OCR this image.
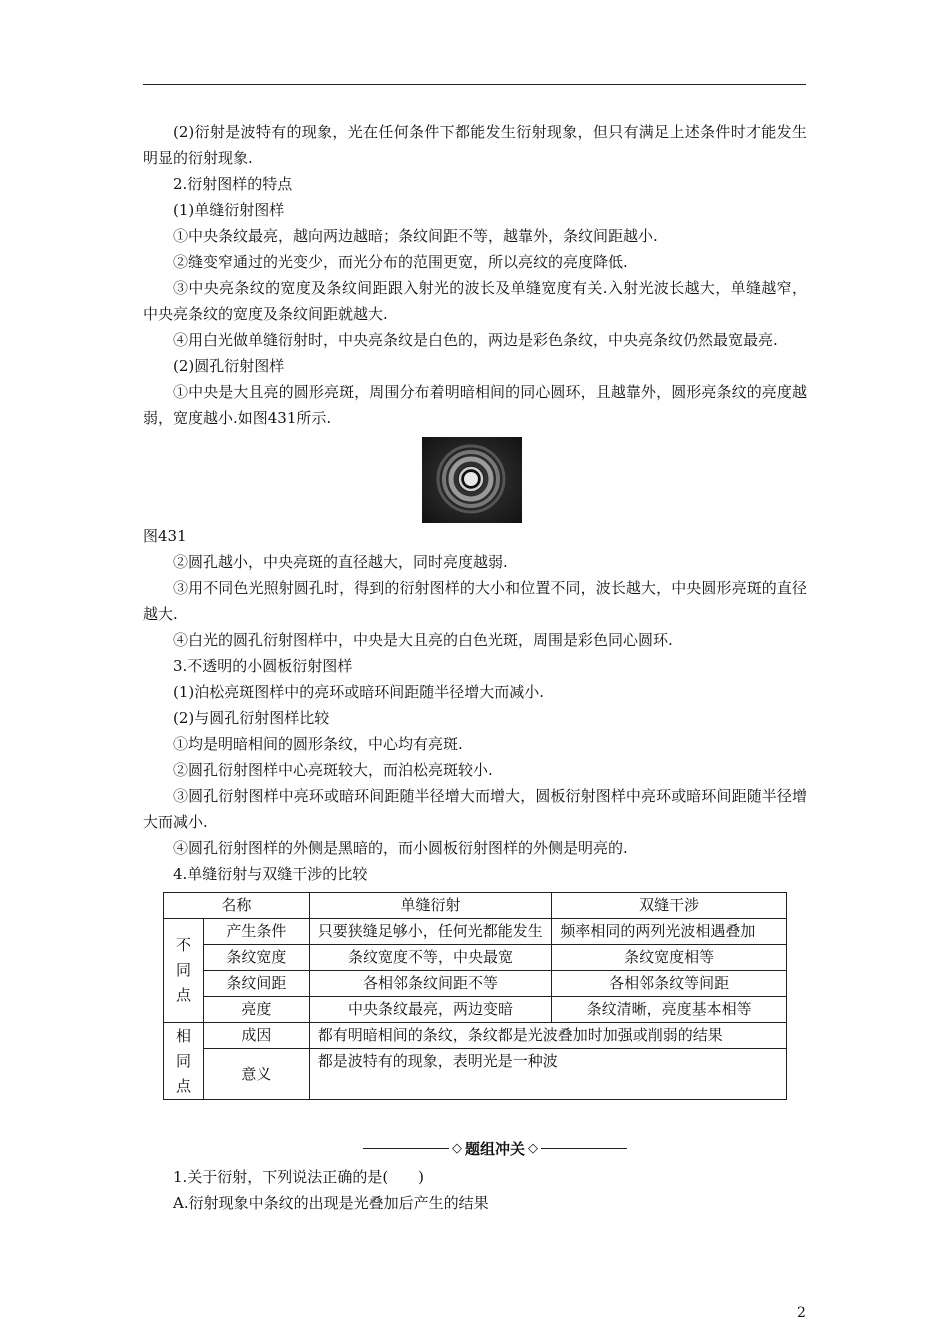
(2)衍射是波特有的现象，光在任何条件下都能发生衍射现象，但只有满足上述条件时才能发生明显的衍射现象.

2.衍射图样的特点

(1)单缝衍射图样

①中央条纹最亮，越向两边越暗；条纹间距不等，越靠外，条纹间距越小.

②缝变窄通过的光变少，而光分布的范围更宽，所以亮纹的亮度降低.

③中央亮条纹的宽度及条纹间距跟入射光的波长及单缝宽度有关.入射光波长越大，单缝越窄，中央亮条纹的宽度及条纹间距就越大.

④用白光做单缝衍射时，中央亮条纹是白色的，两边是彩色条纹，中央亮条纹仍然最宽最亮.

(2)圆孔衍射图样

①中央是大且亮的圆形亮斑，周围分布着明暗相间的同心圆环，且越靠外，圆形亮条纹的亮度越弱，宽度越小.如图431所示.

图431

②圆孔越小，中央亮斑的直径越大，同时亮度越弱.

③用不同色光照射圆孔时，得到的衍射图样的大小和位置不同，波长越大，中央圆形亮斑的直径越大.

④白光的圆孔衍射图样中，中央是大且亮的白色光斑，周围是彩色同心圆环.

3.不透明的小圆板衍射图样

(1)泊松亮斑图样中的亮环或暗环间距随半径增大而减小.

(2)与圆孔衍射图样比较

①均是明暗相间的圆形条纹，中心均有亮斑.

②圆孔衍射图样中心亮斑较大，而泊松亮斑较小.

③圆孔衍射图样中亮环或暗环间距随半径增大而增大，圆板衍射图样中亮环或暗环间距随半径增大而减小.

④圆孔衍射图样的外侧是黑暗的，而小圆板衍射图样的外侧是明亮的.

4.单缝衍射与双缝干涉的比较

名称		单缝衍射	双缝干涉

不
同
点	产生条件	只要狭缝足够小，任何光都能发生	频率相同的两列光波相遇叠加
	条纹宽度	条纹宽度不等，中央最宽	条纹宽度相等
	条纹间距	各相邻条纹间距不等	各相邻条纹等间距
	亮度	中央条纹最亮，两边变暗	条纹清晰，亮度基本相等

相
同
点	成因	都有明暗相间的条纹，条纹都是光波叠加时加强或削弱的结果	
	意义	都是波特有的现象，表明光是一种波	
◇ 题组冲关 ◇
1.关于衍射，下列说法正确的是(　　)
A.衍射现象中条纹的出现是光叠加后产生的结果
2
